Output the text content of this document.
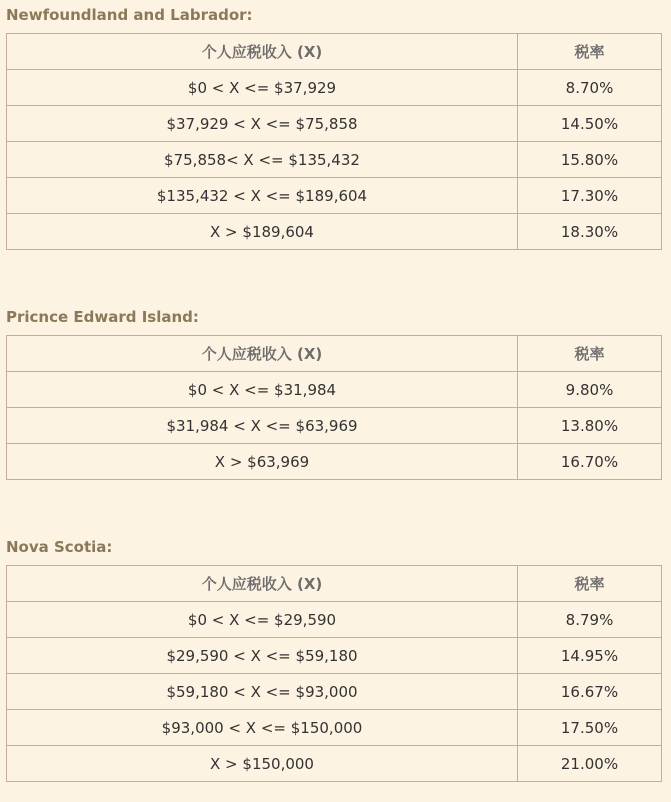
Newfoundland and Labrador:
个人应税收入 (X)	税率
$0 < X <= $37,929	8.70%
$37,929 < X <= $75,858	14.50%
$75,858< X <= $135,432	15.80%
$135,432 < X <= $189,604	17.30%
X > $189,604	18.30%
Pricnce Edward Island:
个人应税收入 (X)	税率
$0 < X <= $31,984	9.80%
$31,984 < X <= $63,969	13.80%
X > $63,969	16.70%
Nova Scotia:
个人应税收入 (X)	税率
$0 < X <= $29,590	8.79%
$29,590 < X <= $59,180	14.95%
$59,180 < X <= $93,000	16.67%
$93,000 < X <= $150,000	17.50%
X > $150,000	21.00%
